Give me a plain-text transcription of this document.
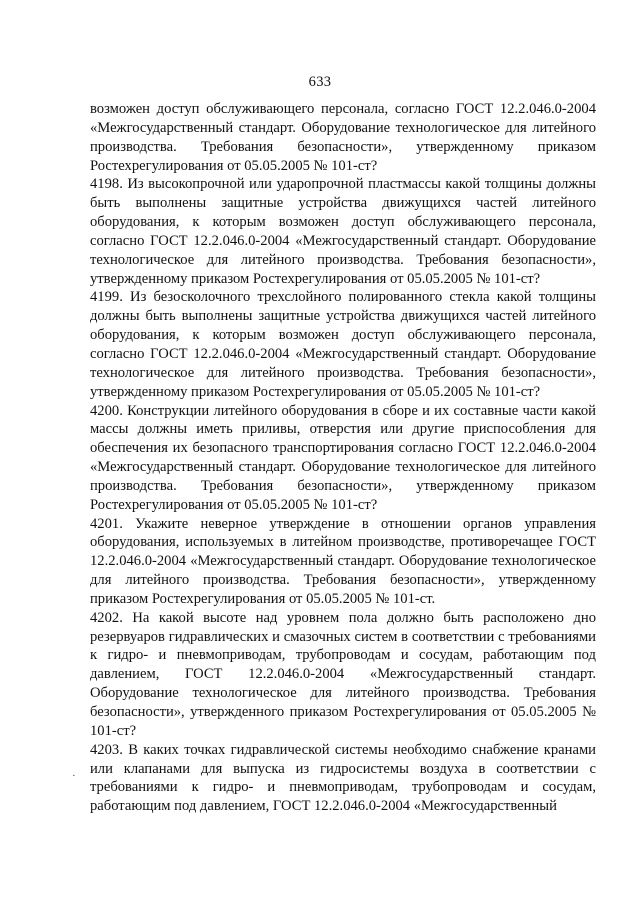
633

возможен доступ обслуживающего персонала, согласно ГОСТ 12.2.046.0-2004 «Межгосударственный стандарт. Оборудование технологическое для литейного производства. Требования безопасности», утвержденному приказом Ростехрегулирования от 05.05.2005 № 101-ст?

4198. Из высокопрочной или ударопрочной пластмассы какой толщины должны быть выполнены защитные устройства движущихся частей литейного оборудования, к которым возможен доступ обслуживающего персонала, согласно ГОСТ 12.2.046.0-2004 «Межгосударственный стандарт. Оборудование технологическое для литейного производства. Требования безопасности», утвержденному приказом Ростехрегулирования от 05.05.2005 № 101-ст?

4199. Из безосколочного трехслойного полированного стекла какой толщины должны быть выполнены защитные устройства движущихся частей литейного оборудования, к которым возможен доступ обслуживающего персонала, согласно ГОСТ 12.2.046.0-2004 «Межгосударственный стандарт. Оборудование технологическое для литейного производства. Требования безопасности», утвержденному приказом Ростехрегулирования от 05.05.2005 № 101-ст?

4200. Конструкции литейного оборудования в сборе и их составные части какой массы должны иметь приливы, отверстия или другие приспособления для обеспечения их безопасного транспортирования согласно ГОСТ 12.2.046.0-2004 «Межгосударственный стандарт. Оборудование технологическое для литейного производства. Требования безопасности», утвержденному приказом Ростехрегулирования от 05.05.2005 № 101-ст?

4201. Укажите неверное утверждение в отношении органов управления оборудования, используемых в литейном производстве, противоречащее ГОСТ 12.2.046.0-2004 «Межгосударственный стандарт. Оборудование технологическое для литейного производства. Требования безопасности», утвержденному приказом Ростехрегулирования от 05.05.2005 № 101-ст.

4202. На какой высоте над уровнем пола должно быть расположено дно резервуаров гидравлических и смазочных систем в соответствии с требованиями к гидро- и пневмоприводам, трубопроводам и сосудам, работающим под давлением, ГОСТ 12.2.046.0-2004 «Межгосударственный стандарт. Оборудование технологическое для литейного производства. Требования безопасности», утвержденного приказом Ростехрегулирования от 05.05.2005 № 101-ст?

4203. В каких точках гидравлической системы необходимо снабжение кранами или клапанами для выпуска из гидросистемы воздуха в соответствии с требованиями к гидро- и пневмоприводам, трубопроводам и сосудам, работающим под давлением, ГОСТ 12.2.046.0-2004 «Межгосударственный

·
